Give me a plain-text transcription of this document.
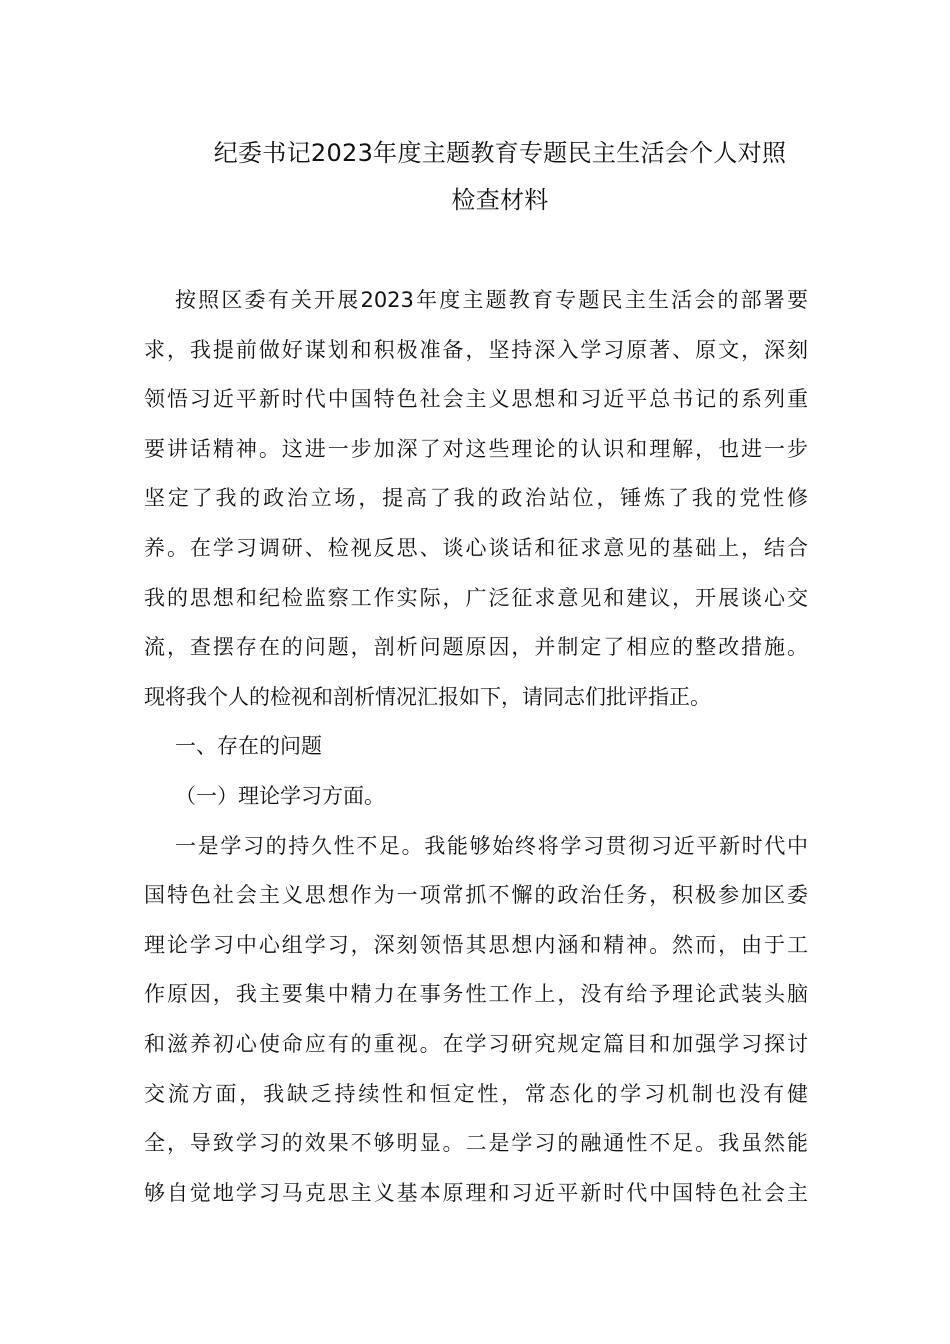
纪委书记2023年度主题教育专题民主生活会个人对照
检查材料
按照区委有关开展2023年度主题教育专题民主生活会的部署要
求，我提前做好谋划和积极准备，坚持深入学习原著、原文，深刻
领悟习近平新时代中国特色社会主义思想和习近平总书记的系列重
要讲话精神。这进一步加深了对这些理论的认识和理解，也进一步
坚定了我的政治立场，提高了我的政治站位，锤炼了我的党性修
养。在学习调研、检视反思、谈心谈话和征求意见的基础上，结合
我的思想和纪检监察工作实际，广泛征求意见和建议，开展谈心交
流，查摆存在的问题，剖析问题原因，并制定了相应的整改措施。
现将我个人的检视和剖析情况汇报如下，请同志们批评指正。
一、存在的问题
（一）理论学习方面。
一是学习的持久性不足。我能够始终将学习贯彻习近平新时代中
国特色社会主义思想作为一项常抓不懈的政治任务，积极参加区委
理论学习中心组学习，深刻领悟其思想内涵和精神。然而，由于工
作原因，我主要集中精力在事务性工作上，没有给予理论武装头脑
和滋养初心使命应有的重视。在学习研究规定篇目和加强学习探讨
交流方面，我缺乏持续性和恒定性，常态化的学习机制也没有健
全，导致学习的效果不够明显。二是学习的融通性不足。我虽然能
够自觉地学习马克思主义基本原理和习近平新时代中国特色社会主
